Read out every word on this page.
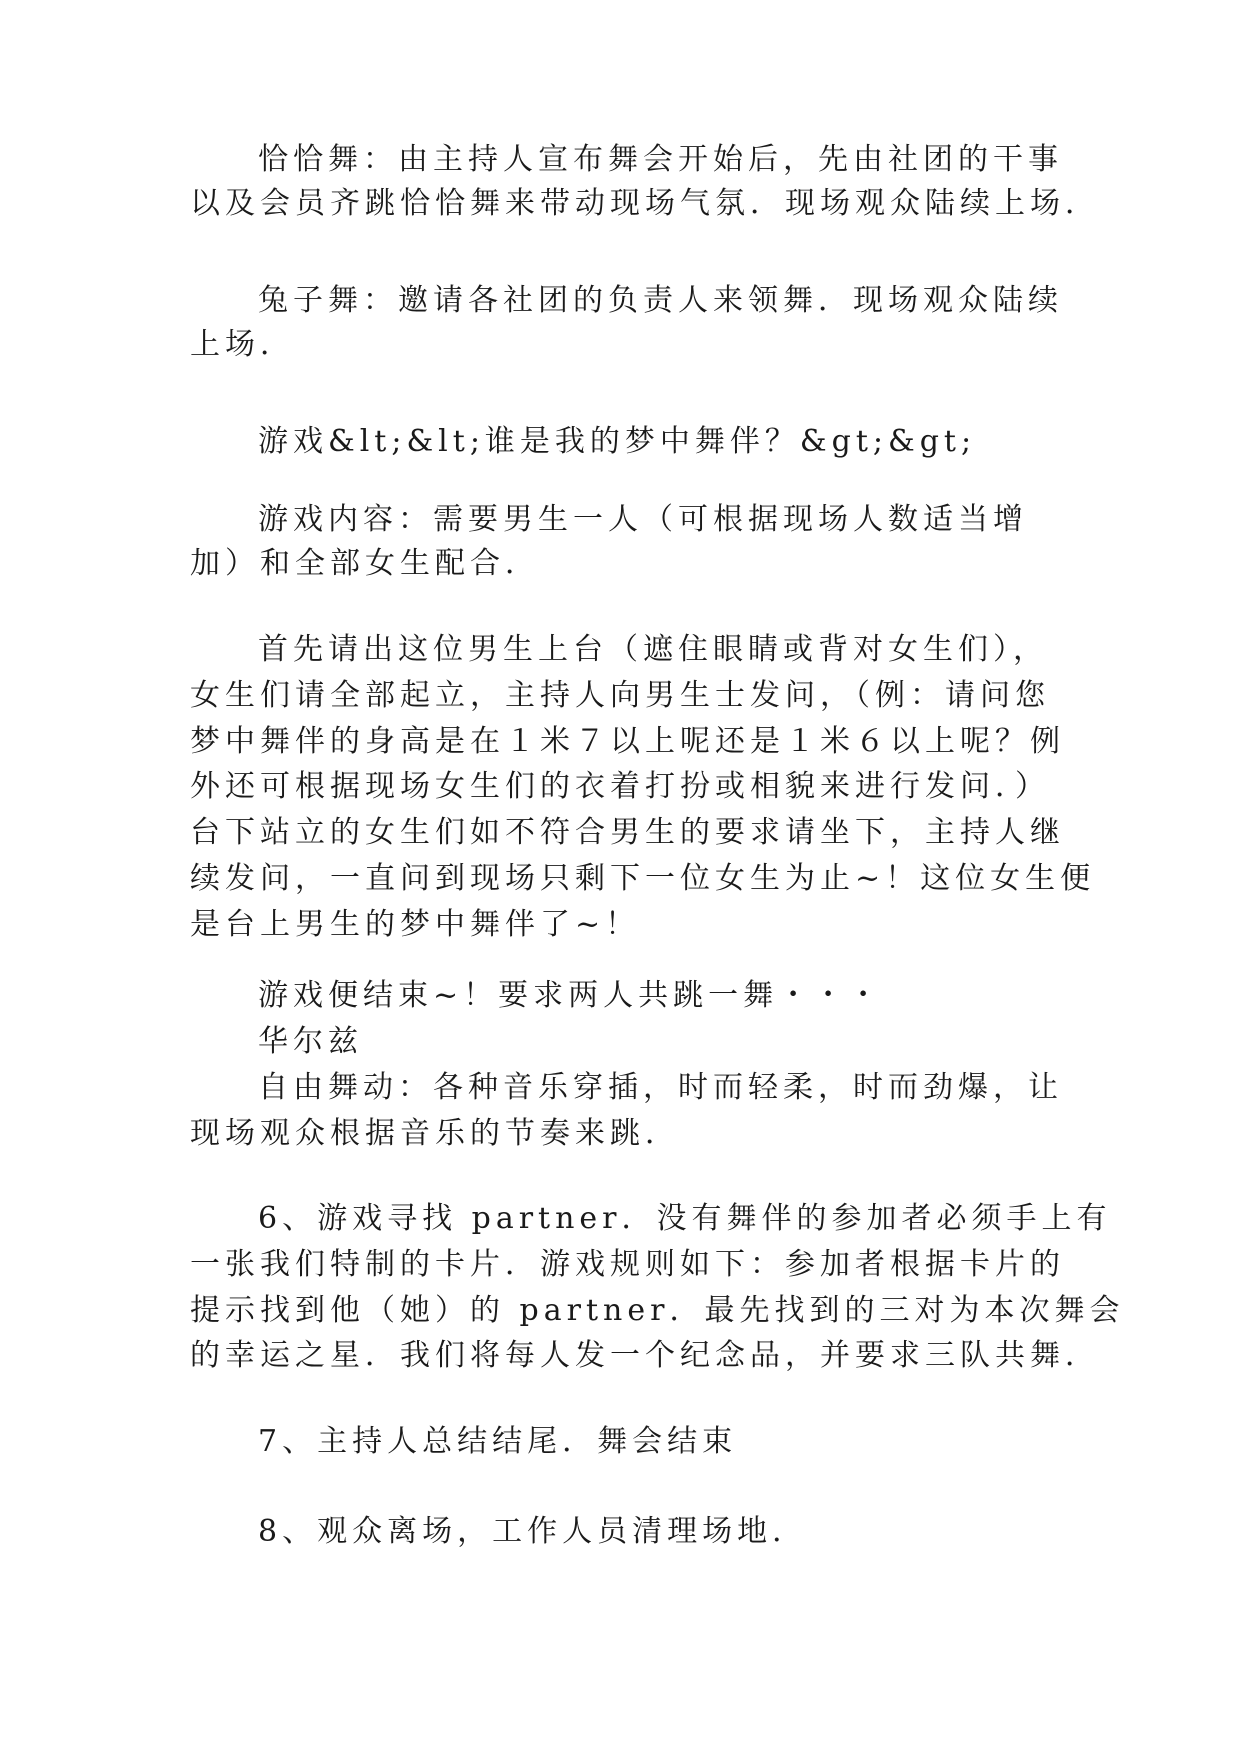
恰恰舞：由主持人宣布舞会开始后，先由社团的干事
以及会员齐跳恰恰舞来带动现场气氛．现场观众陆续上场．
兔子舞：邀请各社团的负责人来领舞．现场观众陆续
上场．
游戏&lt;&lt;谁是我的梦中舞伴？&gt;&gt;
游戏内容：需要男生一人（可根据现场人数适当增
加）和全部女生配合．
首先请出这位男生上台（遮住眼睛或背对女生们），
女生们请全部起立，主持人向男生士发问，（例：请问您
梦中舞伴的身高是在１米７以上呢还是１米６以上呢？例
外还可根据现场女生们的衣着打扮或相貌来进行发问．）
台下站立的女生们如不符合男生的要求请坐下，主持人继
续发问，一直问到现场只剩下一位女生为止~！这位女生便
是台上男生的梦中舞伴了~！
游戏便结束~！要求两人共跳一舞・・・
华尔兹
自由舞动：各种音乐穿插，时而轻柔，时而劲爆，让
现场观众根据音乐的节奏来跳．
6、游戏寻找 partner．没有舞伴的参加者必须手上有
一张我们特制的卡片．游戏规则如下：参加者根据卡片的
提示找到他（她）的 partner．最先找到的三对为本次舞会
的幸运之星．我们将每人发一个纪念品，并要求三队共舞．
7、主持人总结结尾．舞会结束
8、观众离场，工作人员清理场地．
